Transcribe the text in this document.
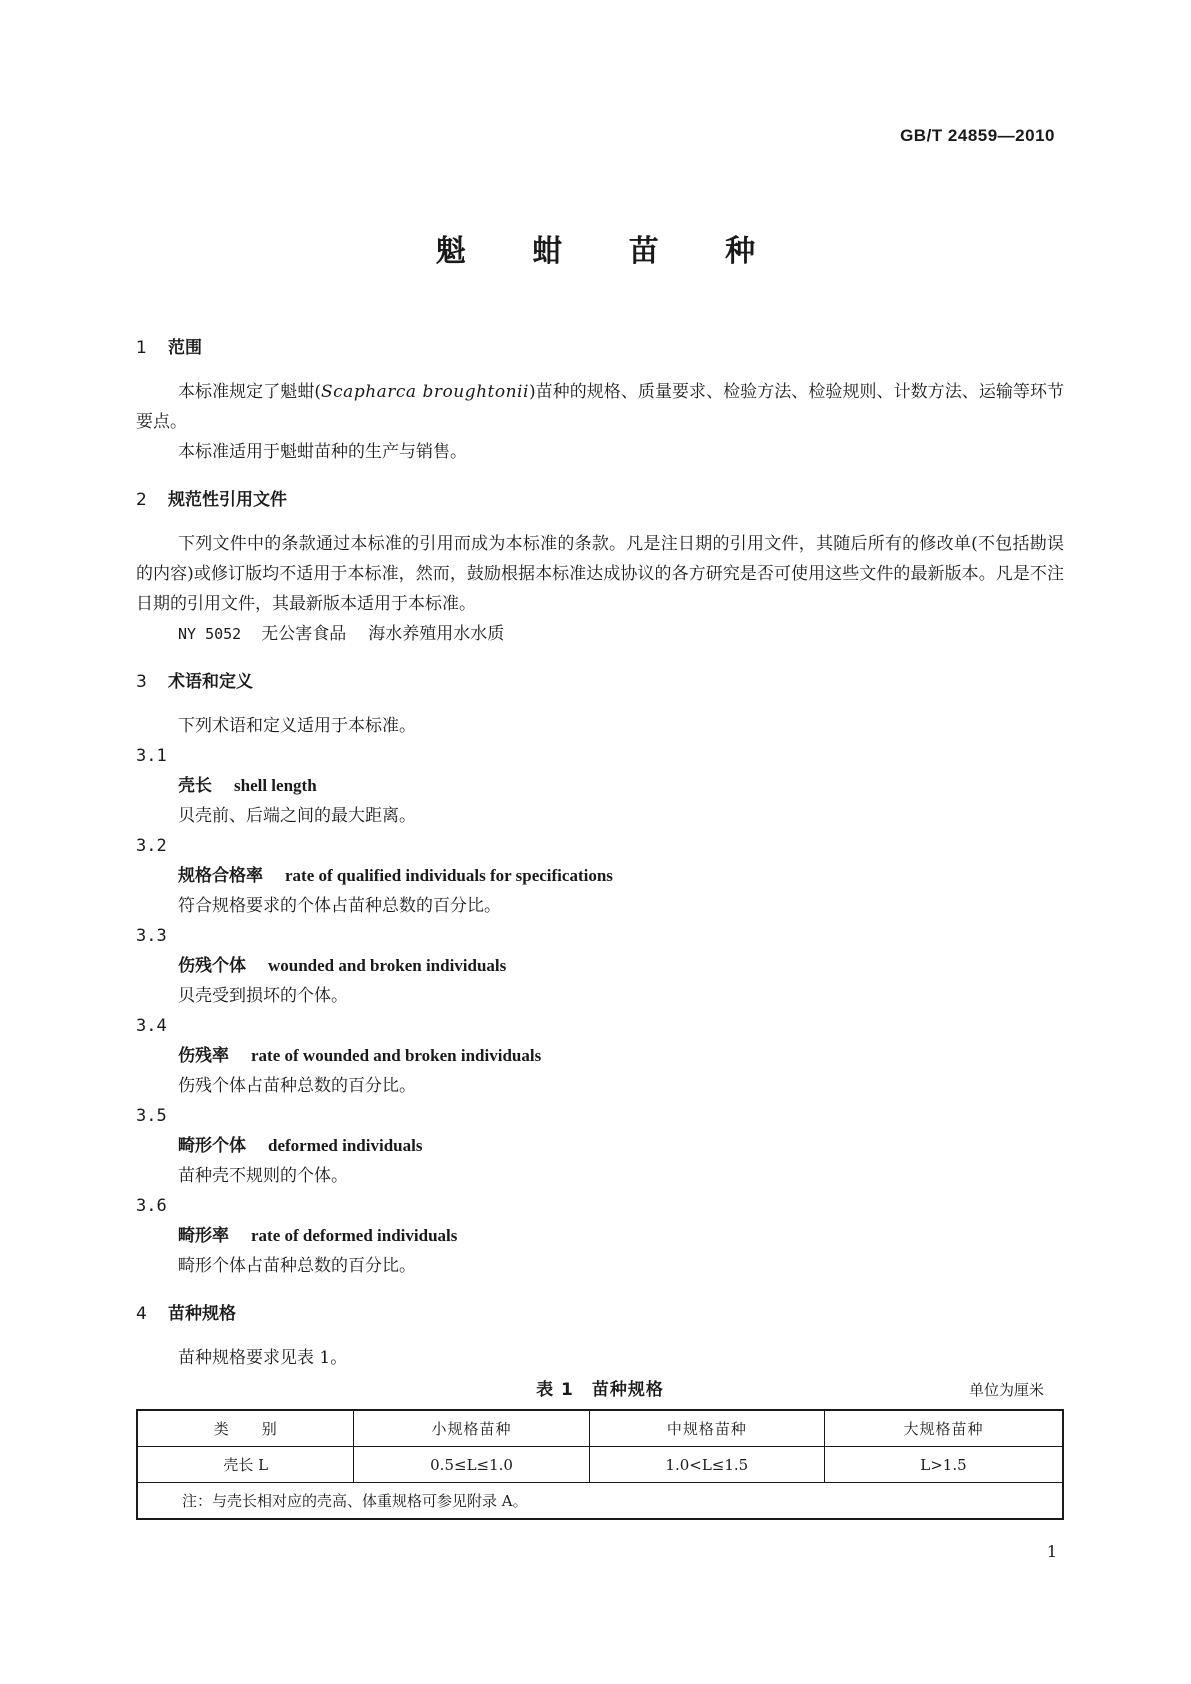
GB/T 24859—2010
魁 蚶 苗 种
1 范围

本标准规定了魁蚶(Scapharca broughtonii)苗种的规格、质量要求、检验方法、检验规则、计数方法、运输等环节要点。

本标准适用于魁蚶苗种的生产与销售。

2 规范性引用文件

下列文件中的条款通过本标准的引用而成为本标准的条款。凡是注日期的引用文件，其随后所有的修改单(不包括勘误的内容)或修订版均不适用于本标准，然而，鼓励根据本标准达成协议的各方研究是否可使用这些文件的最新版本。凡是不注日期的引用文件，其最新版本适用于本标准。

NY 5052 无公害食品 海水养殖用水水质

3 术语和定义

下列术语和定义适用于本标准。

3.1

壳长 shell length

贝壳前、后端之间的最大距离。

3.2

规格合格率 rate of qualified individuals for specifications

符合规格要求的个体占苗种总数的百分比。

3.3

伤残个体 wounded and broken individuals

贝壳受到损坏的个体。

3.4

伤残率 rate of wounded and broken individuals

伤残个体占苗种总数的百分比。

3.5

畸形个体 deformed individuals

苗种壳不规则的个体。

3.6

畸形率 rate of deformed individuals

畸形个体占苗种总数的百分比。

4 苗种规格

苗种规格要求见表 1。

表 1　苗种规格	单位为厘米
类　　别	小规格苗种	中规格苗种	大规格苗种
壳长 L	0.5≤L≤1.0	1.0<L≤1.5	L>1.5
注：与壳长相对应的壳高、体重规格可参见附录 A。			
1
